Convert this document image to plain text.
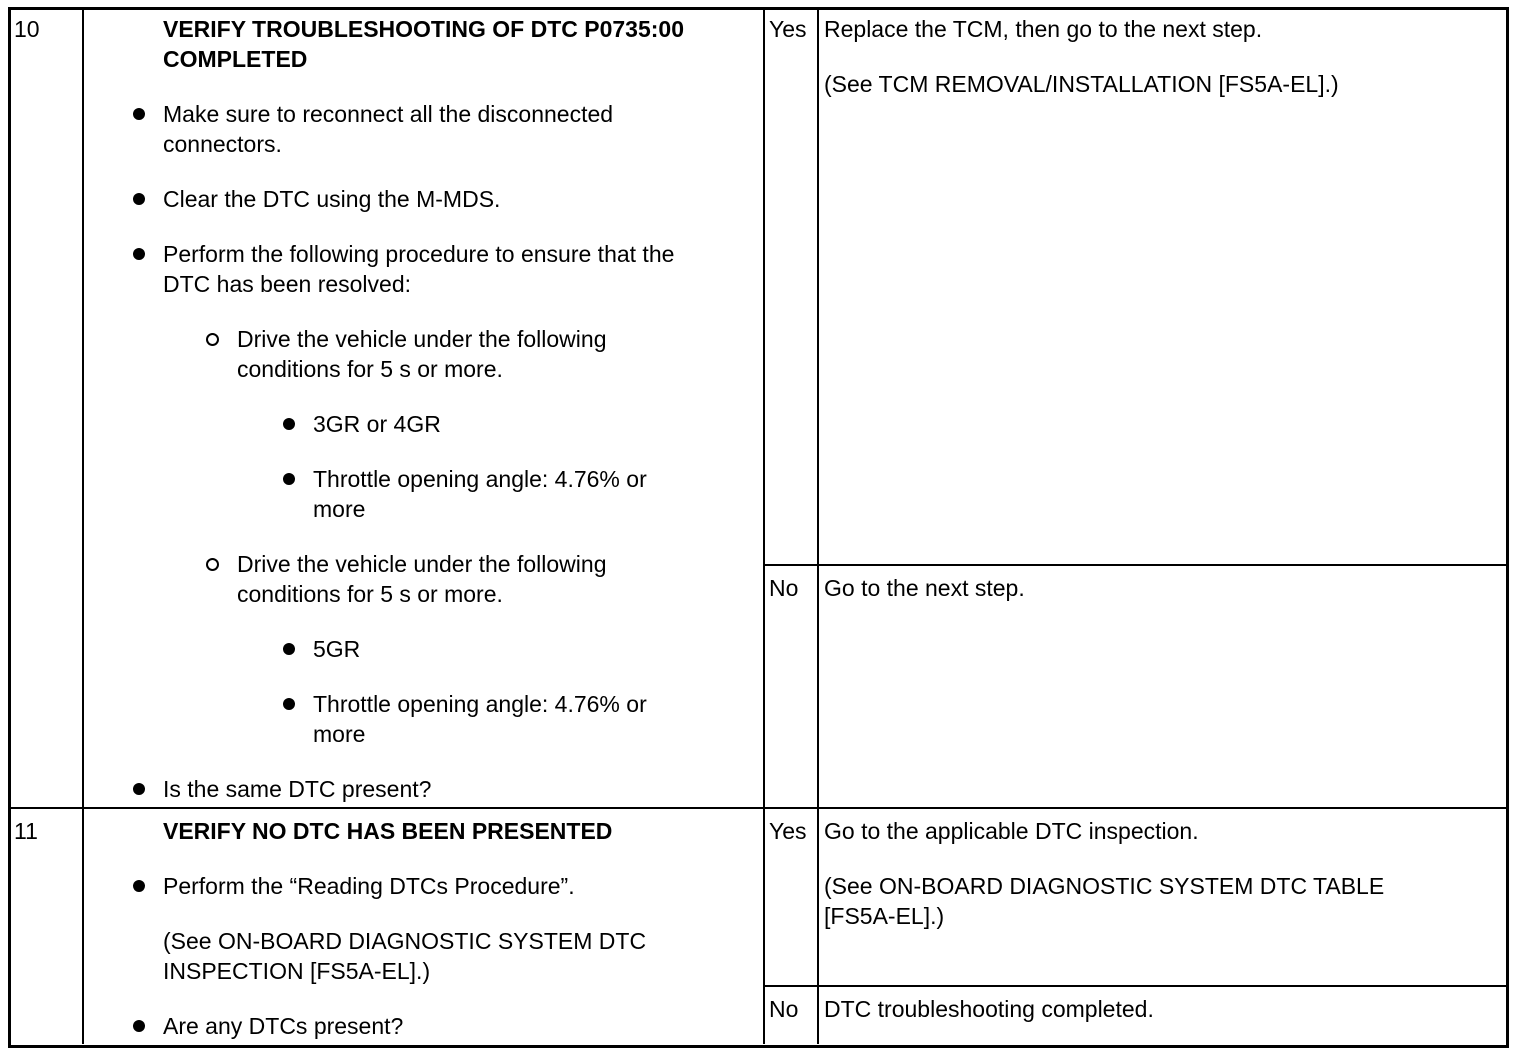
10	VERIFY TROUBLESHOOTING OF DTC P0735:00
COMPLETED
Make sure to reconnect all the disconnected
connectors.
Clear the DTC using the M-MDS.
Perform the following procedure to ensure that the
DTC has been resolved:
Drive the vehicle under the following
conditions for 5 s or more.
3GR or 4GR
Throttle opening angle: 4.76% or
more
Drive the vehicle under the following
conditions for 5 s or more.
5GR
Throttle opening angle: 4.76% or
more
Is the same DTC present?
Yes Replace the TCM, then go to the next step.
(See TCM REMOVAL/INSTALLATION [FS5A-EL].)
No Go to the next step.
11	VERIFY NO DTC HAS BEEN PRESENTED
Perform the “Reading DTCs Procedure”.
(See ON-BOARD DIAGNOSTIC SYSTEM DTC
INSPECTION [FS5A-EL].)
Are any DTCs present?
Yes Go to the applicable DTC inspection.
(See ON-BOARD DIAGNOSTIC SYSTEM DTC TABLE
[FS5A-EL].)
No DTC troubleshooting completed.
